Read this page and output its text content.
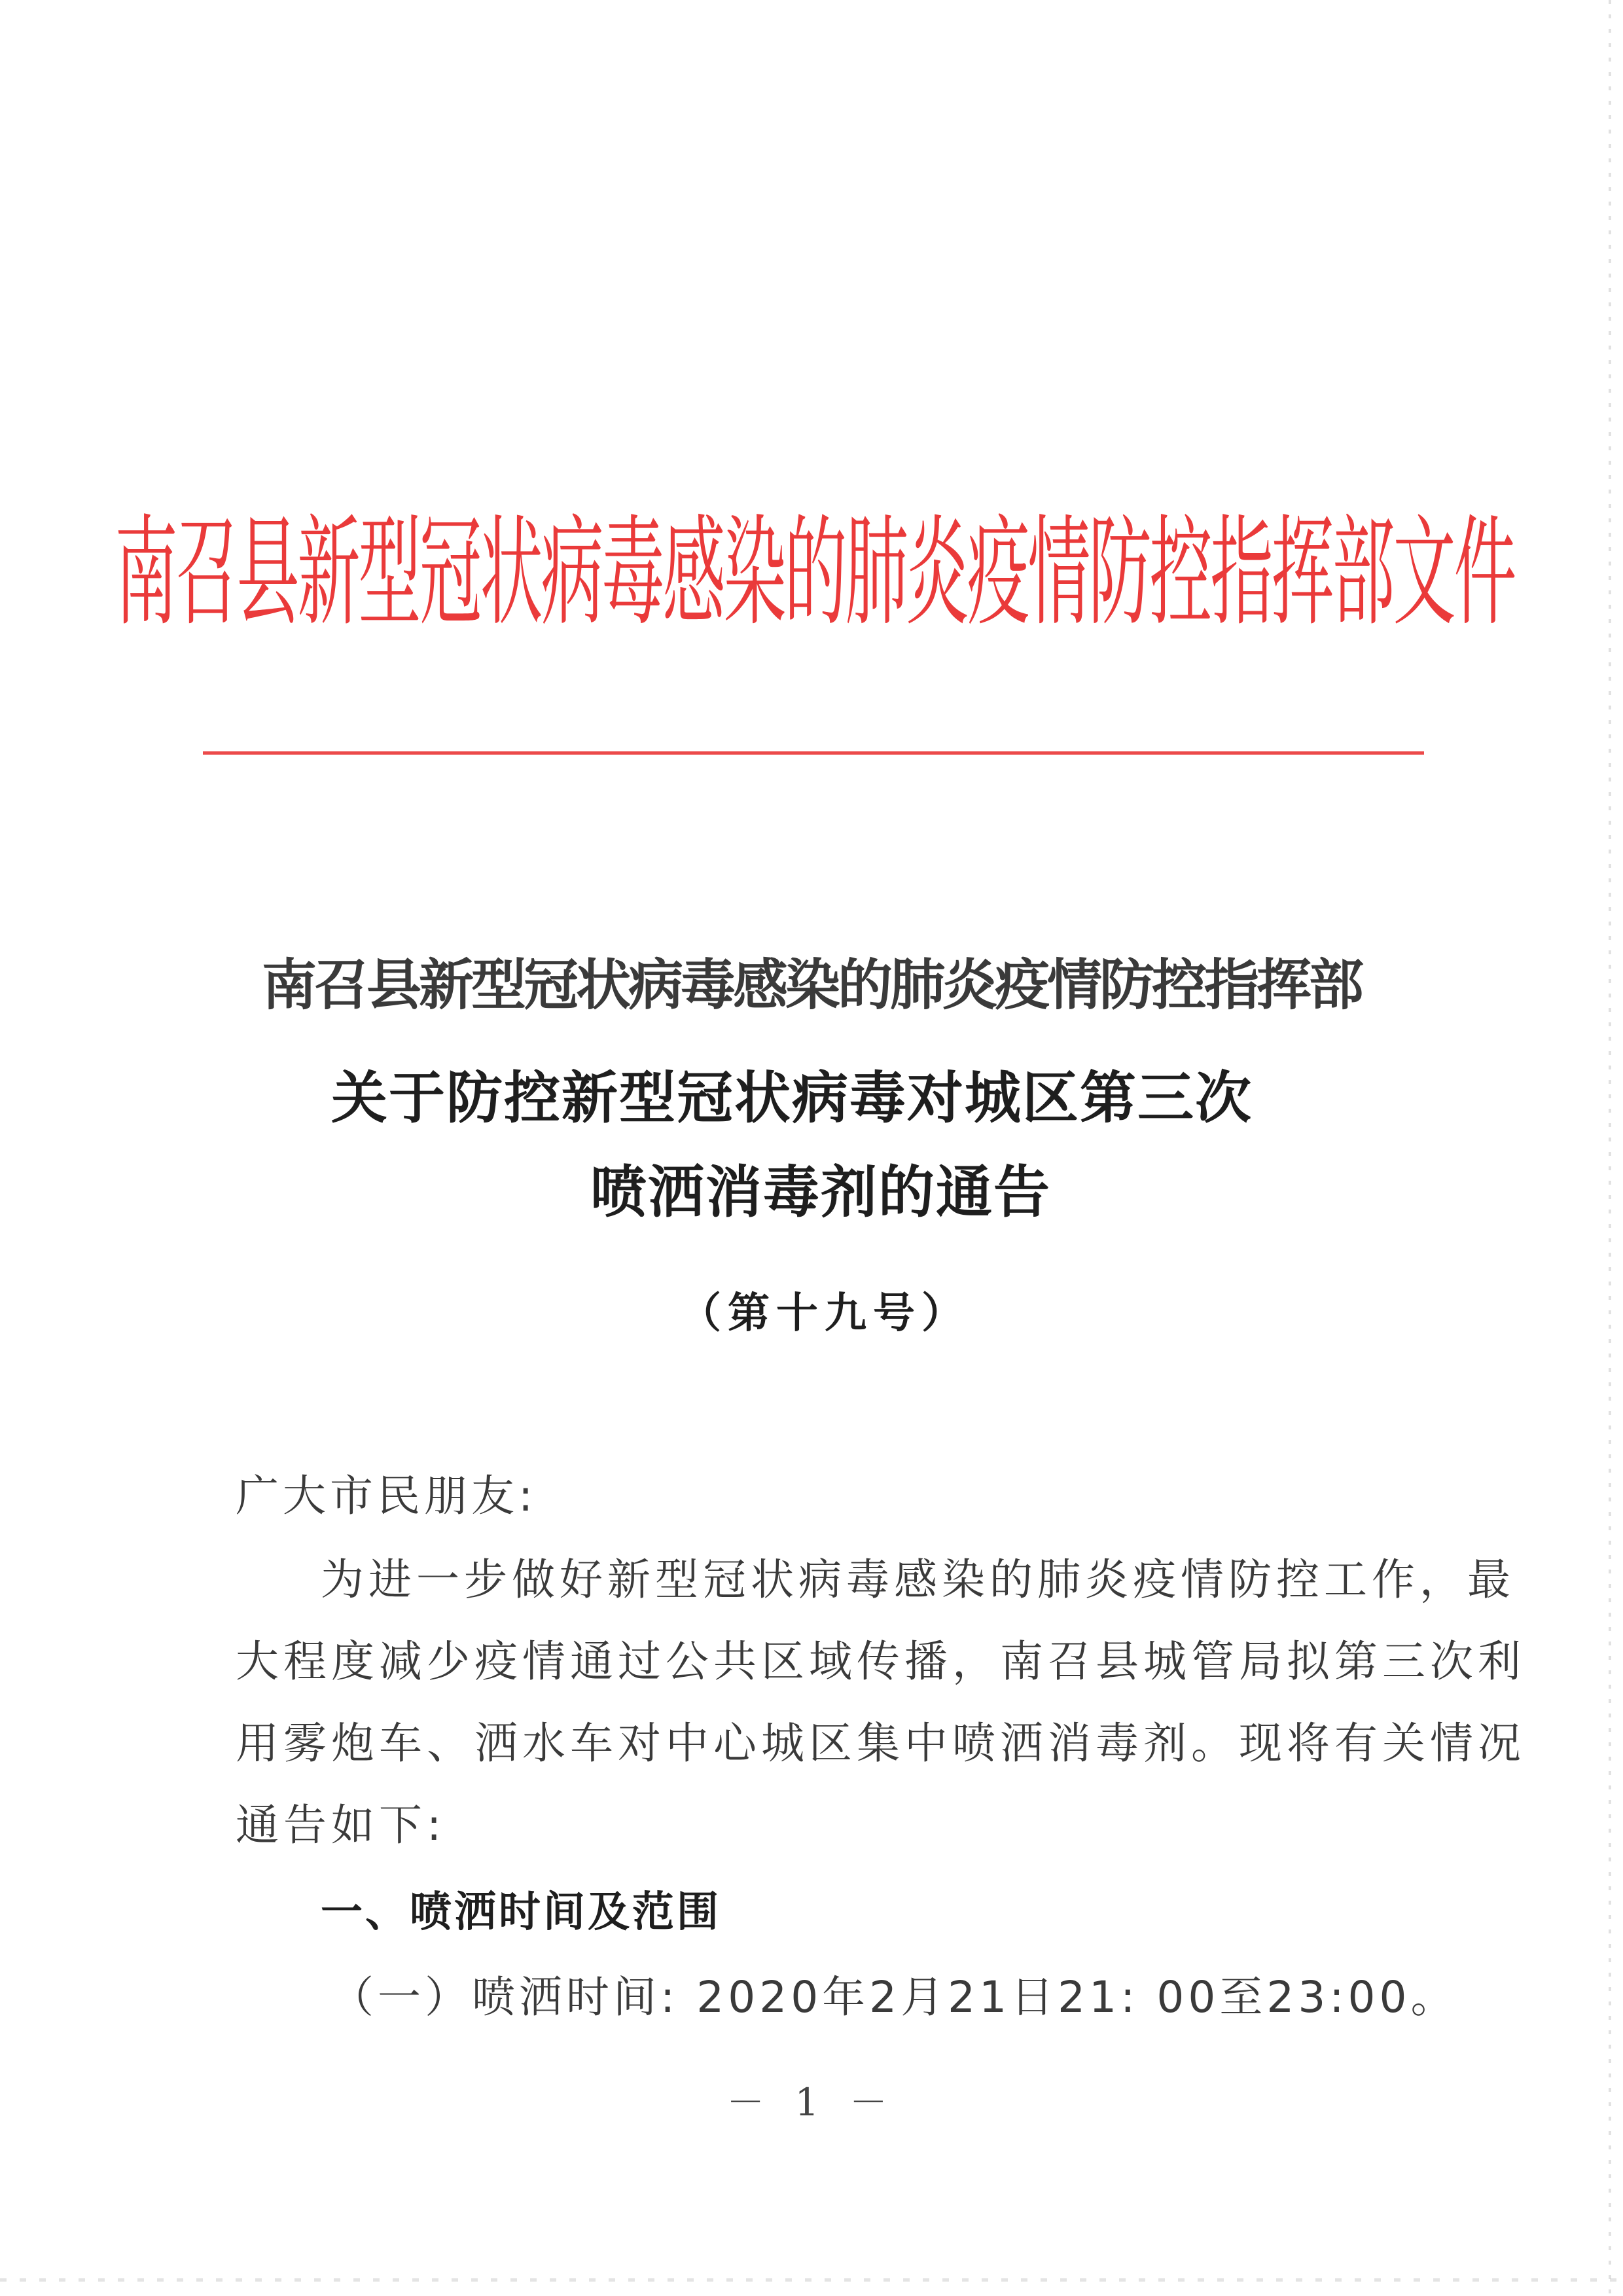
南召县新型冠状病毒感染的肺炎疫情防控指挥部文件
南召县新型冠状病毒感染的肺炎疫情防控指挥部
关于防控新型冠状病毒对城区第三次
喷洒消毒剂的通告
（第十九号）
广大市民朋友:
为进一步做好新型冠状病毒感染的肺炎疫情防控工作，最
大程度减少疫情通过公共区域传播，南召县城管局拟第三次利
用雾炮车、洒水车对中心城区集中喷洒消毒剂。现将有关情况
通告如下:
一、喷洒时间及范围
（一）喷洒时间: 2020年2月21日21: 00至23:00。
－ 1 －
